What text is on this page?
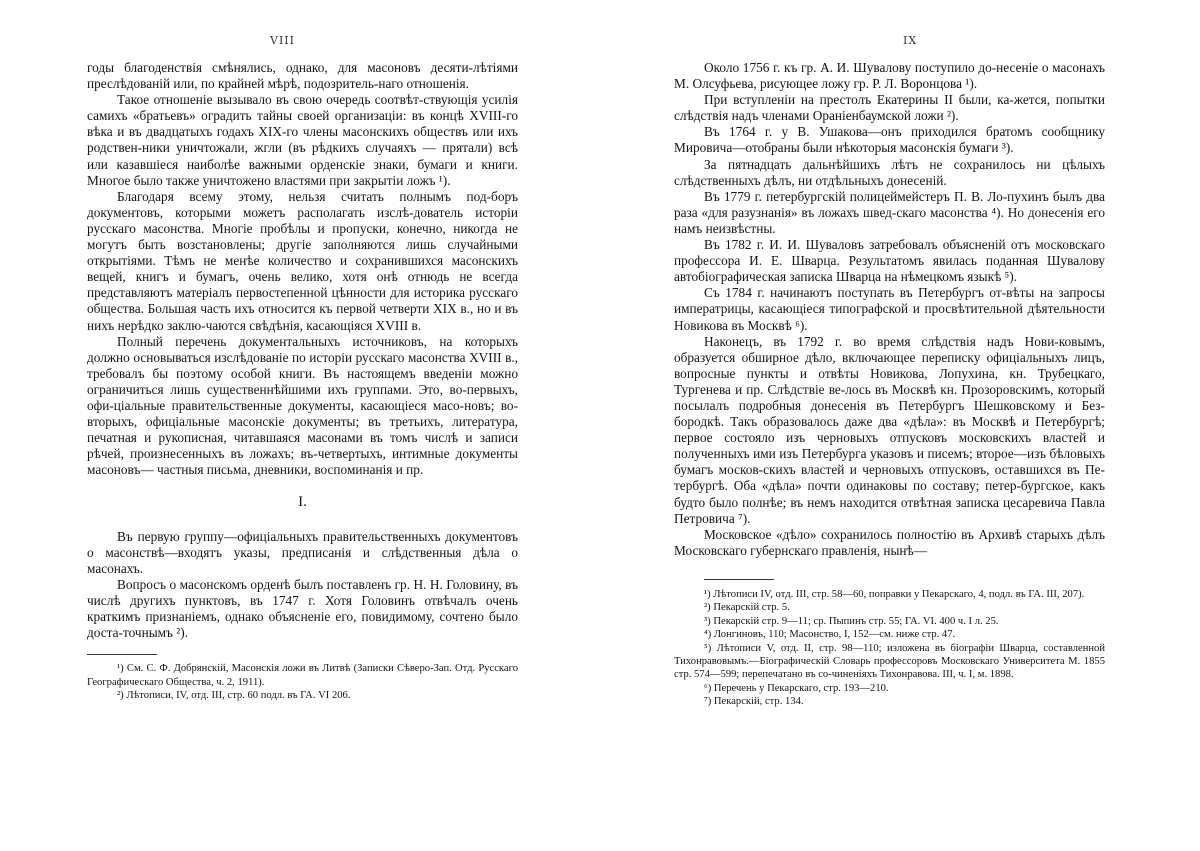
VIII

годы благоденствія смѣнялись, однако, для масоновъ десяти-лѣтіями преслѣдованій или, по крайней мѣрѣ, подозритель-наго отношенія.

Такое отношеніе вызывало въ свою очередь соотвѣт-ствующія усилія самихъ «братьевъ» оградить тайны своей организаціи: въ концѣ XVIII-го вѣка и въ двадцатыхъ годахъ XIX-го члены масонскихъ обществъ или ихъ родствен-ники уничтожали, жгли (въ рѣдкихъ случаяхъ — прятали) всѣ или казавшіеся наиболѣе важными орденскіе знаки, бумаги и книги. Многое было также уничтожено властями при закрытіи ложъ ¹).

Благодаря всему этому, нельзя считать полнымъ под-боръ документовъ, которыми можетъ располагать изслѣ-дователь исторіи русскаго масонства. Многіе пробѣлы и пропуски, конечно, никогда не могутъ быть возстановлены; другіе заполняются лишь случайными открытіями. Тѣмъ не менѣе количество и сохранившихся масонскихъ вещей, книгъ и бумагъ, очень велико, хотя онѣ отнюдь не всегда представляютъ матеріалъ первостепенной цѣнности для историка русскаго общества. Большая часть ихъ относится къ первой четверти XIX в., но и въ нихъ нерѣдко заклю-чаются свѣдѣнія, касающіяся XVIII в.

Полный перечень документальныхъ источниковъ, на которыхъ должно основываться изслѣдованіе по исторіи русскаго масонства XVIII в., требовалъ бы поэтому особой книги. Въ настоящемъ введеніи можно ограничиться лишь существеннѣйшими ихъ группами. Это, во-первыхъ, офи-ціальные правительственные документы, касающіеся масо-новъ; во-вторыхъ, офиціальные масонскіе документы; въ третьихъ, литература, печатная и рукописная, читавшаяся масонами въ томъ числѣ и записи рѣчей, произнесенныхъ въ ложахъ; въ-четвертыхъ, интимные документы масоновъ— частныя письма, дневники, воспоминанія и пр.

I.

Въ первую группу—офиціальныхъ правительственныхъ документовъ о масонствѣ—входятъ указы, предписанія и слѣдственныя дѣла о масонахъ.

Вопросъ о масонскомъ орденѣ былъ поставленъ гр. Н. Н. Головину, въ числѣ другихъ пунктовъ, въ 1747 г. Хотя Головинъ отвѣчалъ очень краткимъ признаніемъ, однако объясненіе его, повидимому, сочтено было доста-точнымъ ²).

¹) См. С. Ф. Добрянскій, Масонскія ложи въ Литвѣ (Записки Сѣверо-Зап. Отд. Русскаго Географическаго Общества, ч. 2, 1911).

²) Лѣтописи, IV, отд. III, стр. 60 подл. въ ГА. VI 206.

IX

Около 1756 г. къ гр. А. И. Шувалову поступило до-несеніе о масонахъ М. Олсуфьева, рисующее ложу гр. Р. Л. Воронцова ¹).

При вступленіи на престолъ Екатерины II были, ка-жется, попытки слѣдствія надъ членами Ораніенбаумской ложи ²).

Въ 1764 г. у В. Ушакова—онъ приходился братомъ сообщнику Мировича—отобраны были нѣкоторыя масонскія бумаги ³).

За пятнадцать дальнѣйшихъ лѣтъ не сохранилось ни цѣлыхъ слѣдственныхъ дѣлъ, ни отдѣльныхъ донесеній.

Въ 1779 г. петербургскій полицеймейстеръ П. В. Ло-пухинъ былъ два раза «для разузнанія» въ ложахъ швед-скаго масонства ⁴). Но донесенія его намъ неизвѣстны.

Въ 1782 г. И. И. Шуваловъ затребовалъ объясненій отъ московскаго профессора И. Е. Шварца. Результатомъ явилась поданная Шувалову автобіографическая записка Шварца на нѣмецкомъ языкѣ ⁵).

Съ 1784 г. начинаютъ поступать въ Петербургъ от-вѣты на запросы императрицы, касающіеся типографской и просвѣтительной дѣятельности Новикова въ Москвѣ ⁶).

Наконецъ, въ 1792 г. во время слѣдствія надъ Нови-ковымъ, образуется обширное дѣло, включающее переписку офиціальныхъ лицъ, вопросные пункты и отвѣты Новикова, Лопухина, кн. Трубецкаго, Тургенева и пр. Слѣдствіе ве-лось въ Москвѣ кн. Прозоровскимъ, который посылалъ подробныя донесенія въ Петербургъ Шешковскому и Без-бородкѣ. Такъ образовалось даже два «дѣла»: въ Москвѣ и Петербургѣ; первое состояло изъ черновыхъ отпусковъ московскихъ властей и полученныхъ ими изъ Петербурга указовъ и писемъ; второе—изъ бѣловыхъ бумагъ москов-скихъ властей и черновыхъ отпусковъ, оставшихся въ Пе-тербургѣ. Оба «дѣла» почти одинаковы по составу; петер-бургское, какъ будто было полнѣе; въ немъ находится отвѣтная записка цесаревича Павла Петровича ⁷).

Московское «дѣло» сохранилось полностію въ Архивѣ старыхъ дѣлъ Московскаго губернскаго правленія, нынѣ—

¹) Лѣтописи IV, отд. III, стр. 58—60, поправки у Пекарскаго, 4, подл. въ ГА. III, 207).

²) Пекарскій стр. 5.

³) Пекарскій стр. 9—11; ср. Пыпинъ стр. 55; ГА. VI. 400 ч. I л. 25.

⁴) Лонгиновъ, 110; Масонство, I, 152—см. ниже стр. 47.

⁵) Лѣтописи V, отд. II, стр. 98—110; изложена въ біографіи Шварца, составленной Тихонравовымъ.—Біографическій Словарь профессоровъ Московскаго Университета М. 1855 стр. 574—599; перепечатано въ со-чиненіяхъ Тихонравова. III, ч. I, м. 1898.

⁶) Перечень у Пекарскаго, стр. 193—210.

⁷) Пекарскій, стр. 134.
